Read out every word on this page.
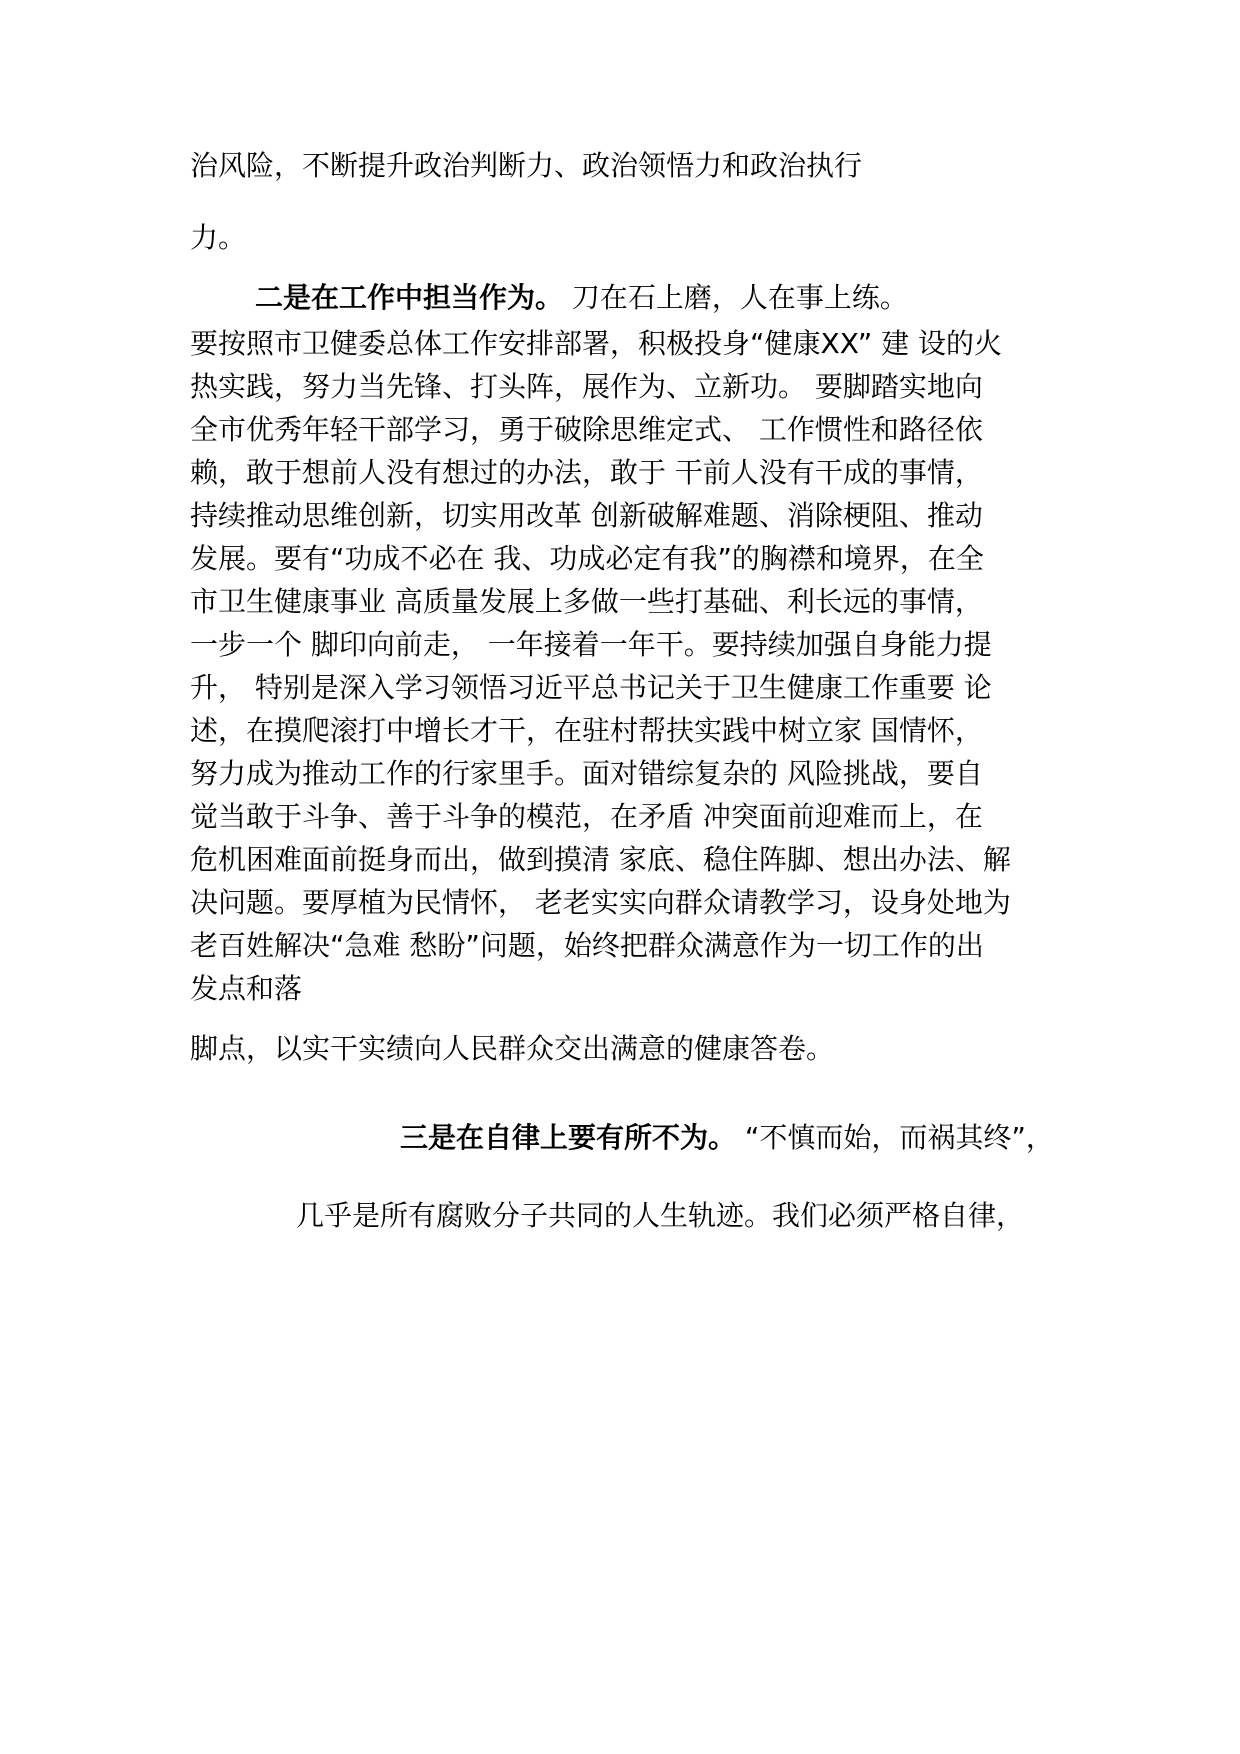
治风险，不断提升政治判断力、政治领悟力和政治执行
力。
二是在工作中担当作为。 刀在石上磨，人在事上练。
要按照市卫健委总体工作安排部署，积极投身“健康XX” 建 设的火
热实践，努力当先锋、打头阵，展作为、立新功。 要脚踏实地向
全市优秀年轻干部学习，勇于破除思维定式、 工作惯性和路径依
赖，敢于想前人没有想过的办法，敢于 干前人没有干成的事情，
持续推动思维创新，切实用改革 创新破解难题、消除梗阻、推动
发展。要有“功成不必在 我、功成必定有我”的胸襟和境界，在全
市卫生健康事业 高质量发展上多做一些打基础、利长远的事情，
一步一个 脚印向前走， 一年接着一年干。要持续加强自身能力提
升， 特别是深入学习领悟习近平总书记关于卫生健康工作重要 论
述，在摸爬滚打中增长才干，在驻村帮扶实践中树立家 国情怀，
努力成为推动工作的行家里手。面对错综复杂的 风险挑战，要自
觉当敢于斗争、善于斗争的模范，在矛盾 冲突面前迎难而上，在
危机困难面前挺身而出，做到摸清 家底、稳住阵脚、想出办法、解
决问题。要厚植为民情怀， 老老实实向群众请教学习，设身处地为
老百姓解决“急难 愁盼”问题，始终把群众满意作为一切工作的出
发点和落
脚点，以实干实绩向人民群众交出满意的健康答卷。
三是在自律上要有所不为。 “不慎而始，而祸其终”，
几乎是所有腐败分子共同的人生轨迹。我们必须严格自律，
